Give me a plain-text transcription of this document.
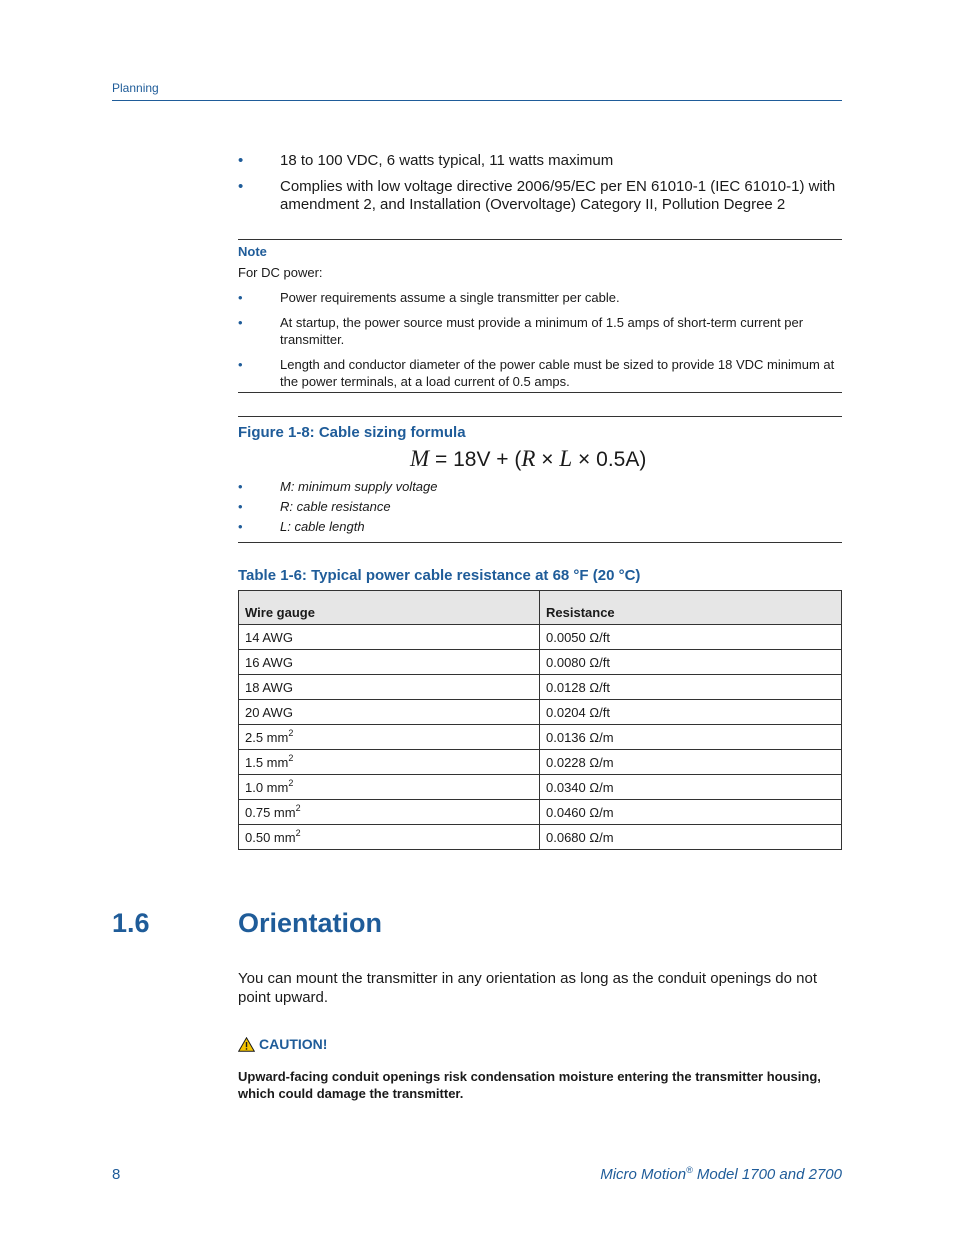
Planning
• 18 to 100 VDC, 6 watts typical, 11 watts maximum
• Complies with low voltage directive 2006/95/EC per EN 61010-1 (IEC 61010-1) with amendment 2, and Installation (Overvoltage) Category II, Pollution Degree 2
Note
For DC power:
•	Power requirements assume a single transmitter per cable.
•	At startup, the power source must provide a minimum of 1.5 amps of short-term current per transmitter.
•	Length and conductor diameter of the power cable must be sized to provide 18 VDC minimum at the power terminals, at a load current of 0.5 amps.
Figure 1-8: Cable sizing formula
M = 18V + (R × L × 0.5A)
•	M: minimum supply voltage
•	R: cable resistance
•	L: cable length
Table 1-6: Typical power cable resistance at 68 °F (20 °C)
Wire gauge	Resistance
14 AWG	0.0050 Ω/ft
16 AWG	0.0080 Ω/ft
18 AWG	0.0128 Ω/ft
20 AWG	0.0204 Ω/ft
2.5 $mm^2$	0.0136 Ω/m
1.5 $mm^2$	0.0228 Ω/m
1.0 $mm^2$	0.0340 Ω/m
0.75 $mm^2$	0.0460 Ω/m
0.50 $mm^2$	0.0680 Ω/m
1.6	Orientation
You can mount the transmitter in any orientation as long as the conduit openings do not point upward.
CAUTION!
Upward-facing conduit openings risk condensation moisture entering the transmitter housing, which could damage the transmitter.
8	Micro Motion® Model 1700 and 2700
